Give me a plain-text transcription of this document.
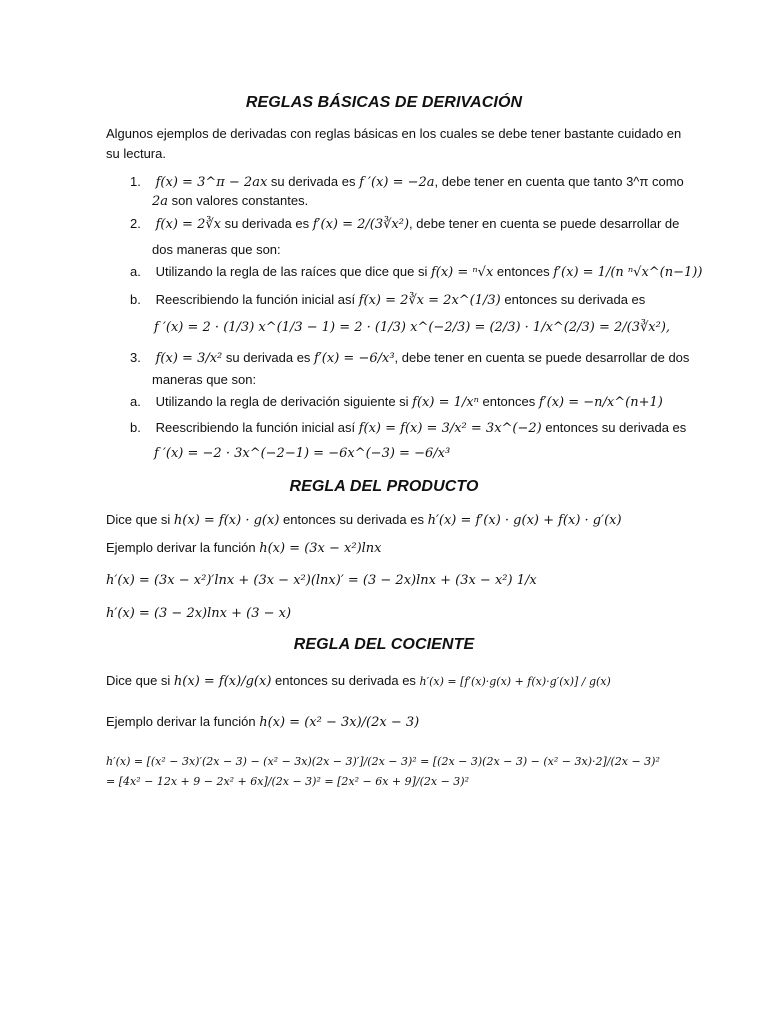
REGLAS BÁSICAS DE DERIVACIÓN
Algunos ejemplos de derivadas con reglas básicas en los cuales se debe tener bastante cuidado en
su lectura.
1. f(x) = 3^π − 2ax su derivada es f ′(x) = −2a, debe tener en cuenta que tanto 3^π como
2a son valores constantes.
2. f(x) = 2∛x su derivada es f′(x) = 2/(3∛x²), debe tener en cuenta se puede desarrollar de
dos maneras que son:
a. Utilizando la regla de las raíces que dice que si f(x) = ⁿ√x entonces f′(x) = 1/(n ⁿ√x^(n−1))
b. Reescribiendo la función inicial así f(x) = 2∛x = 2x^(1/3) entonces su derivada es
f ′(x) = 2 · (1/3) x^(1/3 − 1) = 2 · (1/3) x^(−2/3) = (2/3) · 1/x^(2/3) = 2/(3∛x²),
3. f(x) = 3/x² su derivada es f′(x) = −6/x³, debe tener en cuenta se puede desarrollar de dos
maneras que son:
a. Utilizando la regla de derivación siguiente si f(x) = 1/xⁿ entonces f′(x) = −n/x^(n+1)
b. Reescribiendo la función inicial así f(x) = f(x) = 3/x² = 3x^(−2) entonces su derivada es
f ′(x) = −2 · 3x^(−2−1) = −6x^(−3) = −6/x³
REGLA DEL PRODUCTO
Dice que si h(x) = f(x) · g(x) entonces su derivada es h′(x) = f′(x) · g(x) + f(x) · g′(x)
Ejemplo derivar la función h(x) = (3x − x²)lnx
h′(x) = (3x − x²)′lnx + (3x − x²)(lnx)′ = (3 − 2x)lnx + (3x − x²) 1/x
h′(x) = (3 − 2x)lnx + (3 − x)
REGLA DEL COCIENTE
Dice que si h(x) = f(x)/g(x) entonces su derivada es h′(x) = [f′(x)·g(x) + f(x)·g′(x)] / g(x)
Ejemplo derivar la función h(x) = (x² − 3x)/(2x − 3)
h′(x) = [(x² − 3x)′(2x − 3) − (x² − 3x)(2x − 3)′]/(2x − 3)² = [(2x − 3)(2x − 3) − (x² − 3x)·2]/(2x − 3)² = [4x² − 12x + 9 − 2x² + 6x]/(2x − 3)² = [2x² − 6x + 9]/(2x − 3)²
